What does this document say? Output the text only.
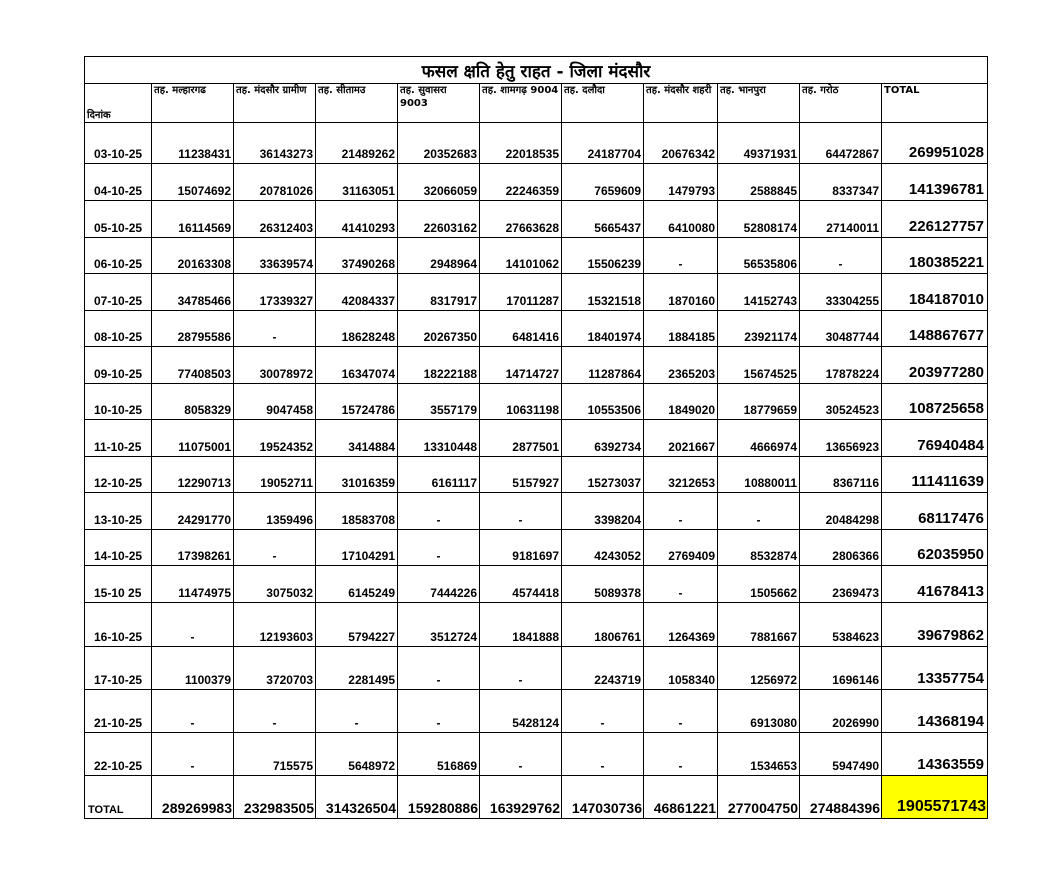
फसल क्षति हेतु राहत - जिला मंदसौर										
दिनांक	तह. मल्हारगढ	तह. मंदसौर ग्रामीण	तह. सीतामउ	तह. सुवासरा 9003	तह. शामगढ़ 9004	तह. दलौदा	तह. मंदसौर शहरी	तह. भानपुरा	तह. गरोठ	TOTAL
03-10-25	11238431	36143273	21489262	20352683	22018535	24187704	20676342	49371931	64472867	269951028
04-10-25	15074692	20781026	31163051	32066059	22246359	7659609	1479793	2588845	8337347	141396781
05-10-25	16114569	26312403	41410293	22603162	27663628	5665437	6410080	52808174	27140011	226127757
06-10-25	20163308	33639574	37490268	2948964	14101062	15506239	-	56535806	-	180385221
07-10-25	34785466	17339327	42084337	8317917	17011287	15321518	1870160	14152743	33304255	184187010
08-10-25	28795586	-	18628248	20267350	6481416	18401974	1884185	23921174	30487744	148867677
09-10-25	77408503	30078972	16347074	18222188	14714727	11287864	2365203	15674525	17878224	203977280
10-10-25	8058329	9047458	15724786	3557179	10631198	10553506	1849020	18779659	30524523	108725658
11-10-25	11075001	19524352	3414884	13310448	2877501	6392734	2021667	4666974	13656923	76940484
12-10-25	12290713	19052711	31016359	6161117	5157927	15273037	3212653	10880011	8367116	111411639
13-10-25	24291770	1359496	18583708	-	-	3398204	-	-	20484298	68117476
14-10-25	17398261	-	17104291	-	9181697	4243052	2769409	8532874	2806366	62035950
15-10 25	11474975	3075032	6145249	7444226	4574418	5089378	-	1505662	2369473	41678413
16-10-25	-	12193603	5794227	3512724	1841888	1806761	1264369	7881667	5384623	39679862
17-10-25	1100379	3720703	2281495	-	-	2243719	1058340	1256972	1696146	13357754
21-10-25	-	-	-	-	5428124	-	-	6913080	2026990	14368194
22-10-25	-	715575	5648972	516869	-	-	-	1534653	5947490	14363559
TOTAL	289269983	232983505	314326504	159280886	163929762	147030736	46861221	277004750	274884396	1905571743
